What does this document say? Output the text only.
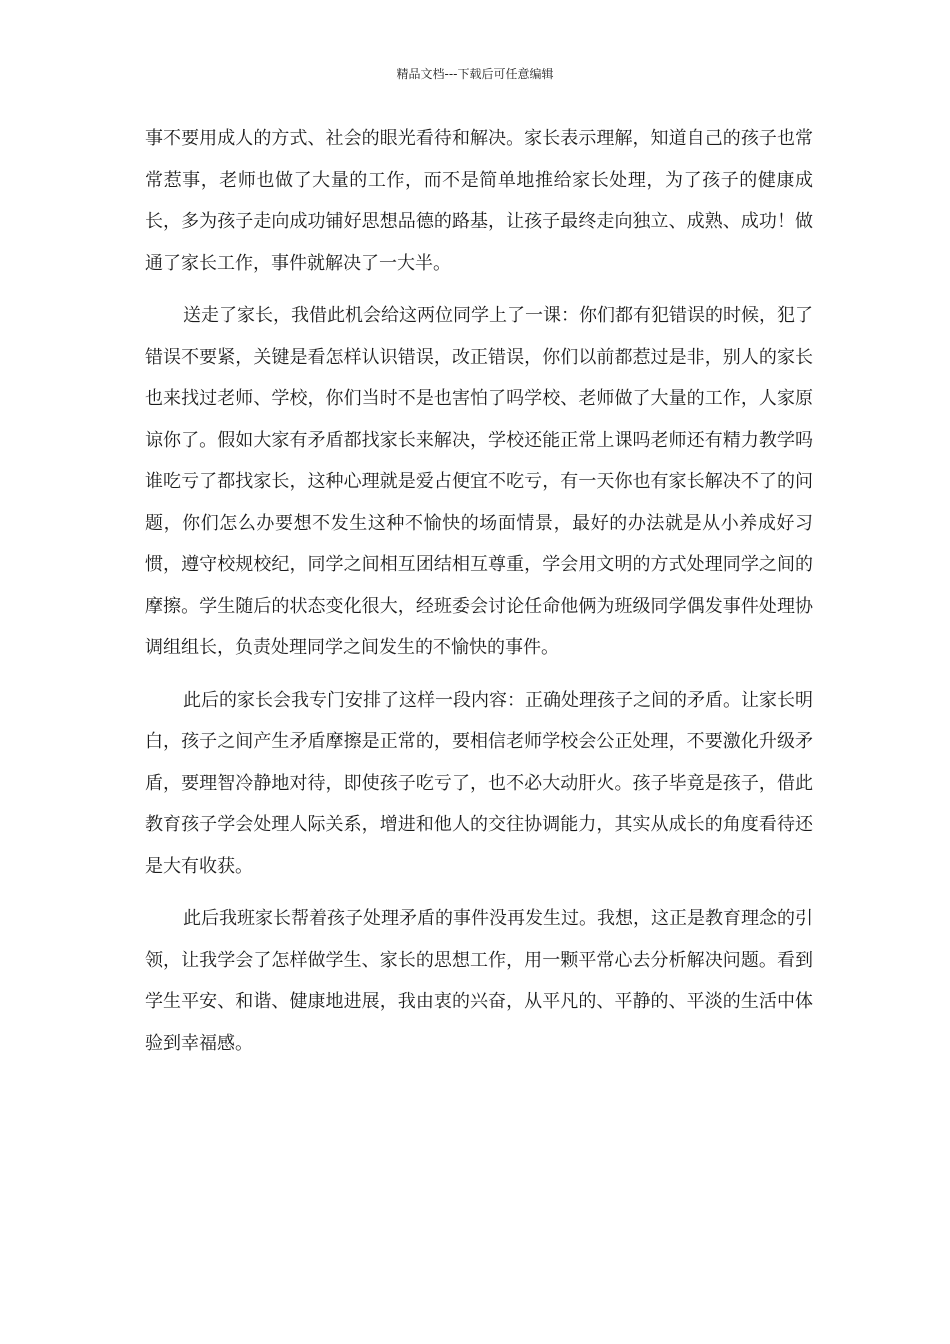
精品文档---下载后可任意编辑

事不要用成人的方式、社会的眼光看待和解决。家长表示理解，知道自己的孩子也常常惹事，老师也做了大量的工作，而不是简单地推给家长处理，为了孩子的健康成长，多为孩子走向成功铺好思想品德的路基，让孩子最终走向独立、成熟、成功！做通了家长工作，事件就解决了一大半。

送走了家长，我借此机会给这两位同学上了一课：你们都有犯错误的时候，犯了错误不要紧，关键是看怎样认识错误，改正错误，你们以前都惹过是非，别人的家长也来找过老师、学校，你们当时不是也害怕了吗学校、老师做了大量的工作，人家原谅你了。假如大家有矛盾都找家长来解决，学校还能正常上课吗老师还有精力教学吗谁吃亏了都找家长，这种心理就是爱占便宜不吃亏，有一天你也有家长解决不了的问题，你们怎么办要想不发生这种不愉快的场面情景，最好的办法就是从小养成好习惯，遵守校规校纪，同学之间相互团结相互尊重，学会用文明的方式处理同学之间的摩擦。学生随后的状态变化很大，经班委会讨论任命他俩为班级同学偶发事件处理协调组组长，负责处理同学之间发生的不愉快的事件。

此后的家长会我专门安排了这样一段内容：正确处理孩子之间的矛盾。让家长明白，孩子之间产生矛盾摩擦是正常的，要相信老师学校会公正处理，不要激化升级矛盾，要理智冷静地对待，即使孩子吃亏了，也不必大动肝火。孩子毕竟是孩子，借此教育孩子学会处理人际关系，增进和他人的交往协调能力，其实从成长的角度看待还是大有收获。

此后我班家长帮着孩子处理矛盾的事件没再发生过。我想，这正是教育理念的引领，让我学会了怎样做学生、家长的思想工作，用一颗平常心去分析解决问题。看到学生平安、和谐、健康地进展，我由衷的兴奋，从平凡的、平静的、平淡的生活中体验到幸福感。
